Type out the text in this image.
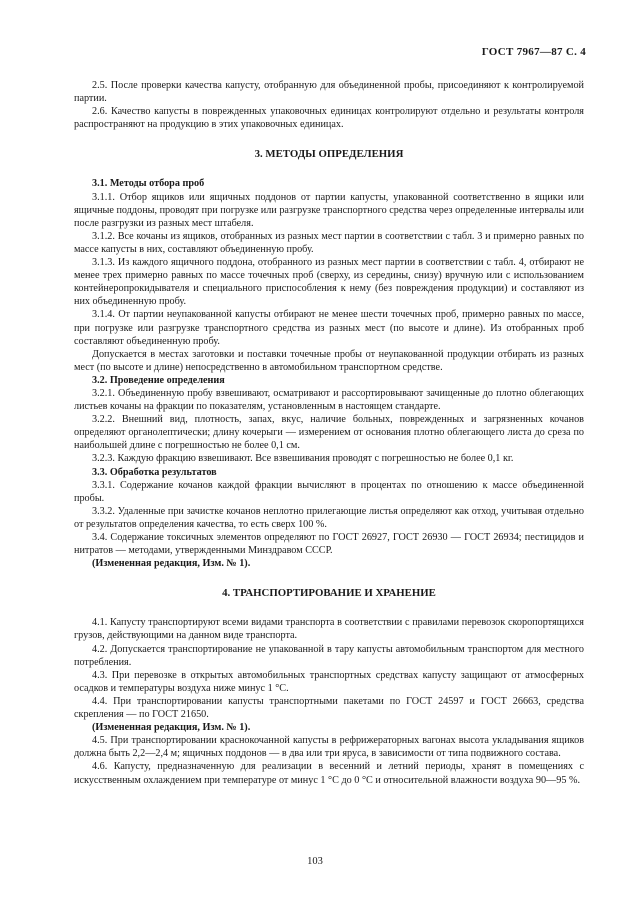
ГОСТ 7967—87 С. 4

2.5. После проверки качества капусту, отобранную для объединенной пробы, присоединяют к контролируемой партии.

2.6. Качество капусты в поврежденных упаковочных единицах контролируют отдельно и результаты контроля распространяют на продукцию в этих упаковочных единицах.

3. МЕТОДЫ ОПРЕДЕЛЕНИЯ

3.1. Методы отбора проб

3.1.1. Отбор ящиков или ящичных поддонов от партии капусты, упакованной соответственно в ящики или ящичные поддоны, проводят при погрузке или разгрузке транспортного средства через определенные интервалы или после разгрузки из разных мест штабеля.

3.1.2. Все кочаны из ящиков, отобранных из разных мест партии в соответствии с табл. 3 и примерно равных по массе капусты в них, составляют объединенную пробу.

3.1.3. Из каждого ящичного поддона, отобранного из разных мест партии в соответствии с табл. 4, отбирают не менее трех примерно равных по массе точечных проб (сверху, из середины, снизу) вручную или с использованием контейнеропрокидывателя и специального приспособления к нему (без повреждения продукции) и составляют из них объединенную пробу.

3.1.4. От партии неупакованной капусты отбирают не менее шести точечных проб, примерно равных по массе, при погрузке или разгрузке транспортного средства из разных мест (по высоте и длине). Из отобранных проб составляют объединенную пробу.

Допускается в местах заготовки и поставки точечные пробы от неупакованной продукции отбирать из разных мест (по высоте и длине) непосредственно в автомобильном транспортном средстве.

3.2. Проведение определения

3.2.1. Объединенную пробу взвешивают, осматривают и рассортировывают зачищенные до плотно облегающих листьев кочаны на фракции по показателям, установленным в настоящем стандарте.

3.2.2. Внешний вид, плотность, запах, вкус, наличие больных, поврежденных и загрязненных кочанов определяют органолептически; длину кочерыги — измерением от основания плотно облегающего листа до среза по наибольшей длине с погрешностью не более 0,1 см.

3.2.3. Каждую фракцию взвешивают. Все взвешивания проводят с погрешностью не более 0,1 кг.

3.3. Обработка результатов

3.3.1. Содержание кочанов каждой фракции вычисляют в процентах по отношению к массе объединенной пробы.

3.3.2. Удаленные при зачистке кочанов неплотно прилегающие листья определяют как отход, учитывая отдельно от результатов определения качества, то есть сверх 100 %.

3.4. Содержание токсичных элементов определяют по ГОСТ 26927, ГОСТ 26930 — ГОСТ 26934; пестицидов и нитратов — методами, утвержденными Минздравом СССР.

(Измененная редакция, Изм. № 1).

4. ТРАНСПОРТИРОВАНИЕ И ХРАНЕНИЕ

4.1. Капусту транспортируют всеми видами транспорта в соответствии с правилами перевозок скоропортящихся грузов, действующими на данном виде транспорта.

4.2. Допускается транспортирование не упакованной в тару капусты автомобильным транспортом для местного потребления.

4.3. При перевозке в открытых автомобильных транспортных средствах капусту защищают от атмосферных осадков и температуры воздуха ниже минус 1 °С.

4.4. При транспортировании капусты транспортными пакетами по ГОСТ 24597 и ГОСТ 26663, средства скрепления — по ГОСТ 21650.

(Измененная редакция, Изм. № 1).

4.5. При транспортировании краснокочанной капусты в рефрижераторных вагонах высота укладывания ящиков должна быть 2,2—2,4 м; ящичных поддонов — в два или три яруса, в зависимости от типа подвижного состава.

4.6. Капусту, предназначенную для реализации в весенний и летний периоды, хранят в помещениях с искусственным охлаждением при температуре от минус 1 °С до 0 °С и относительной влажности воздуха 90—95 %.

103
